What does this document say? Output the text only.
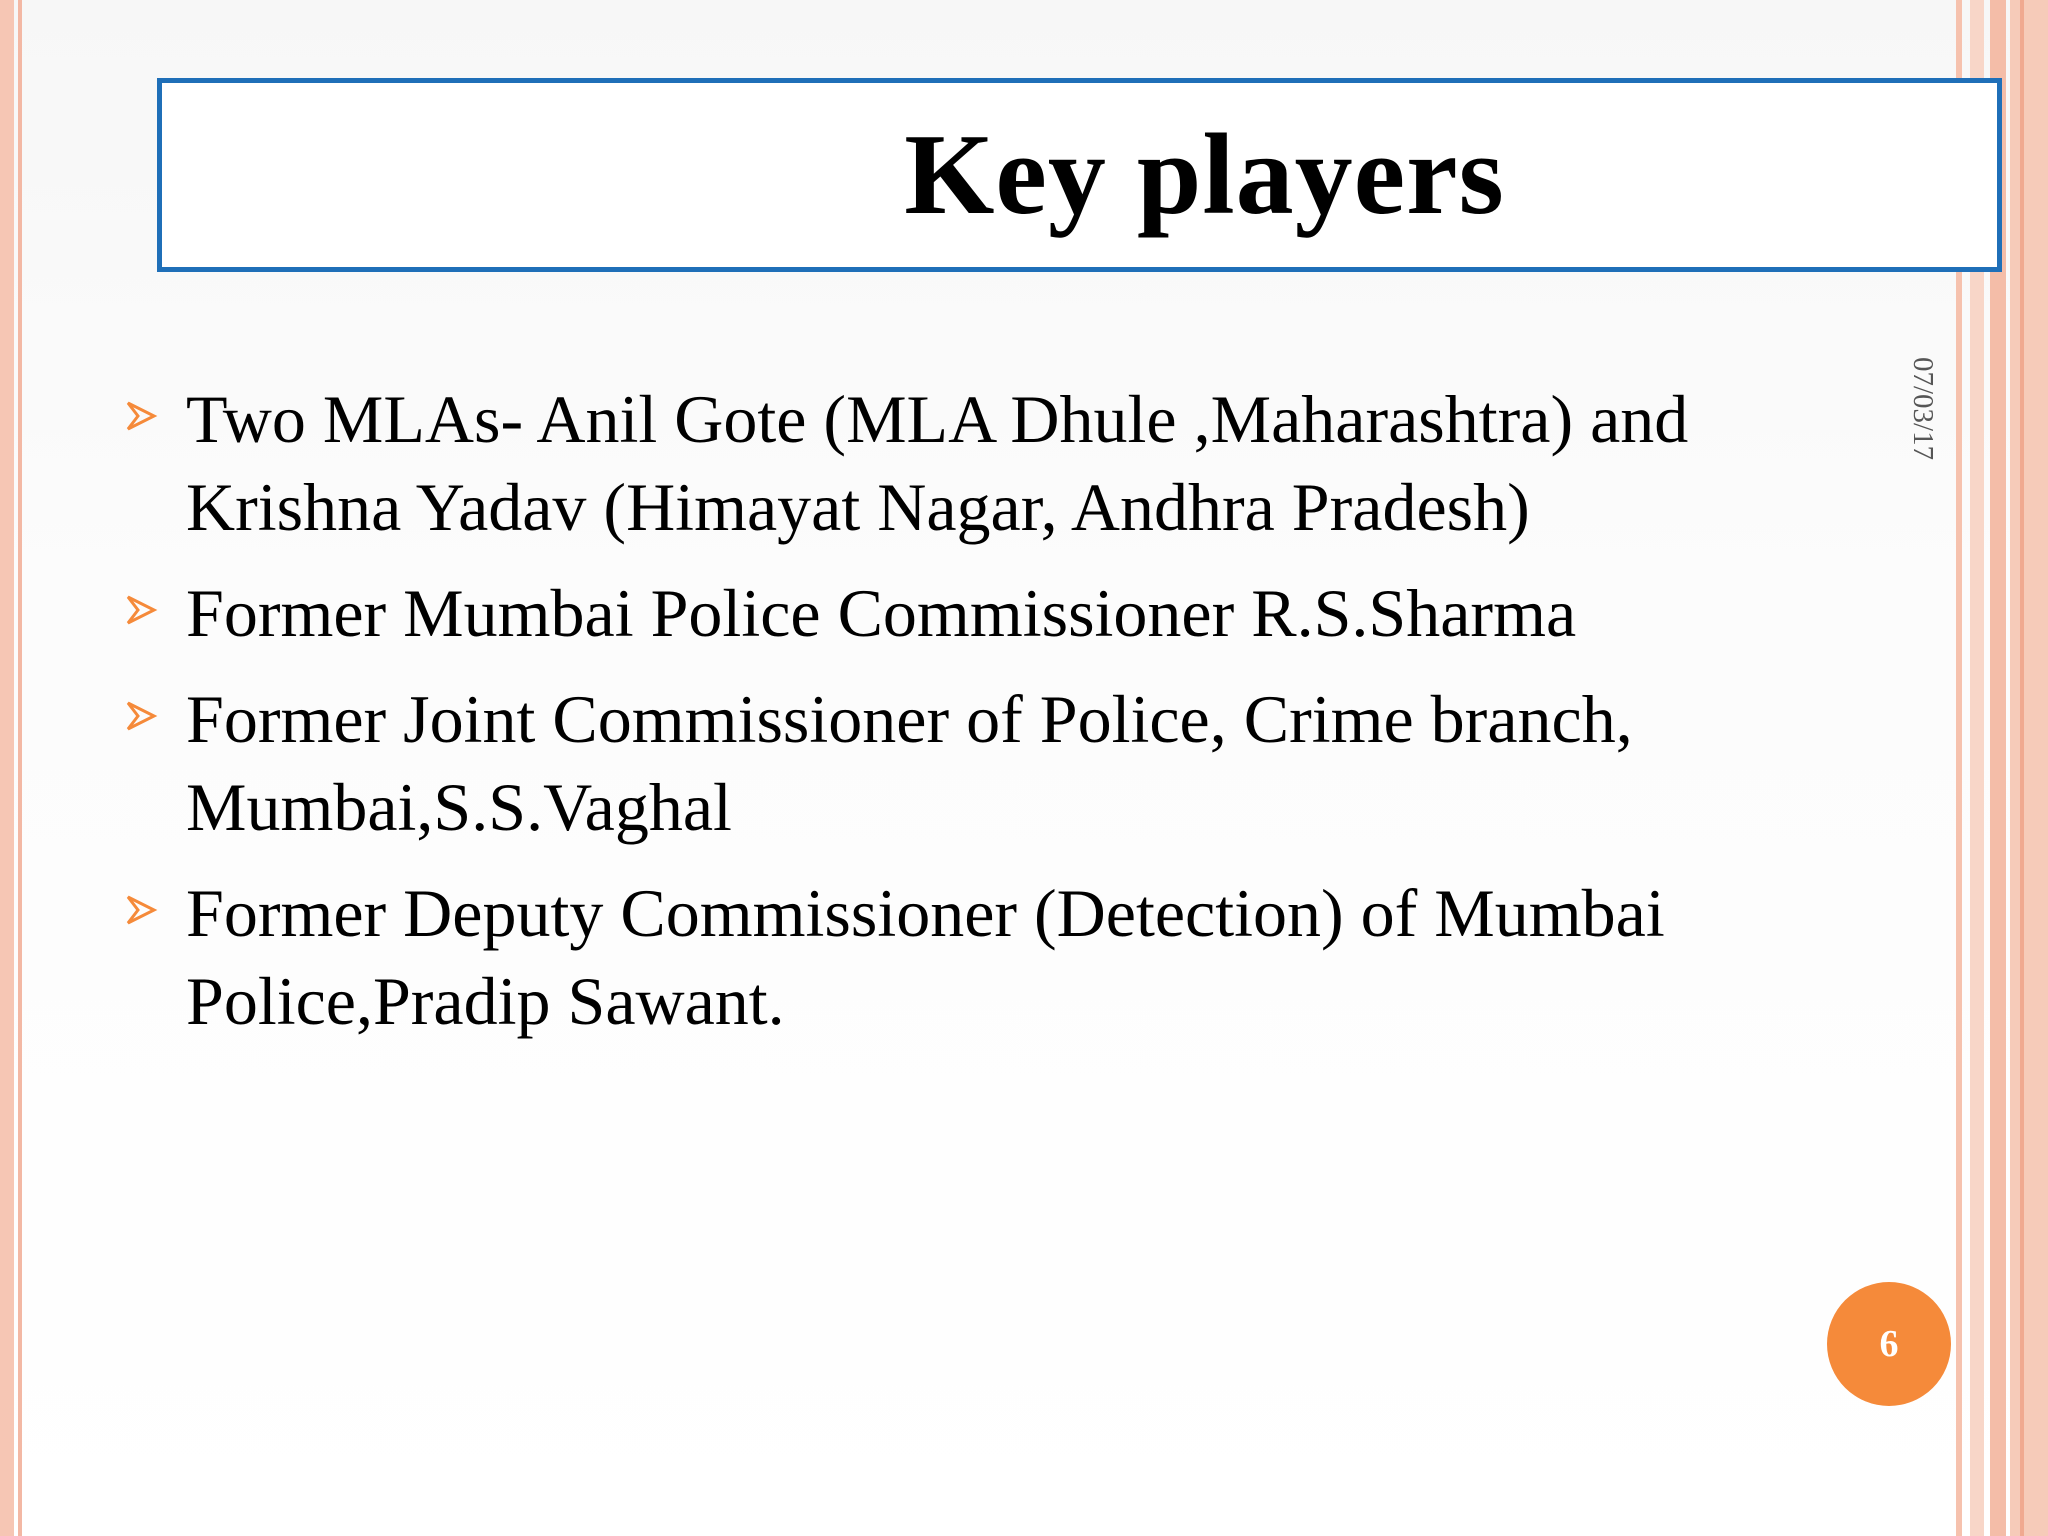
Key players
07/03/17
Two MLAs- Anil Gote (MLA Dhule ,Maharashtra) and Krishna Yadav (Himayat Nagar, Andhra Pradesh)
Former Mumbai Police Commissioner R.S.Sharma
Former Joint Commissioner of Police, Crime branch, Mumbai,S.S.Vaghal
Former Deputy Commissioner (Detection) of Mumbai Police,Pradip Sawant.
6
